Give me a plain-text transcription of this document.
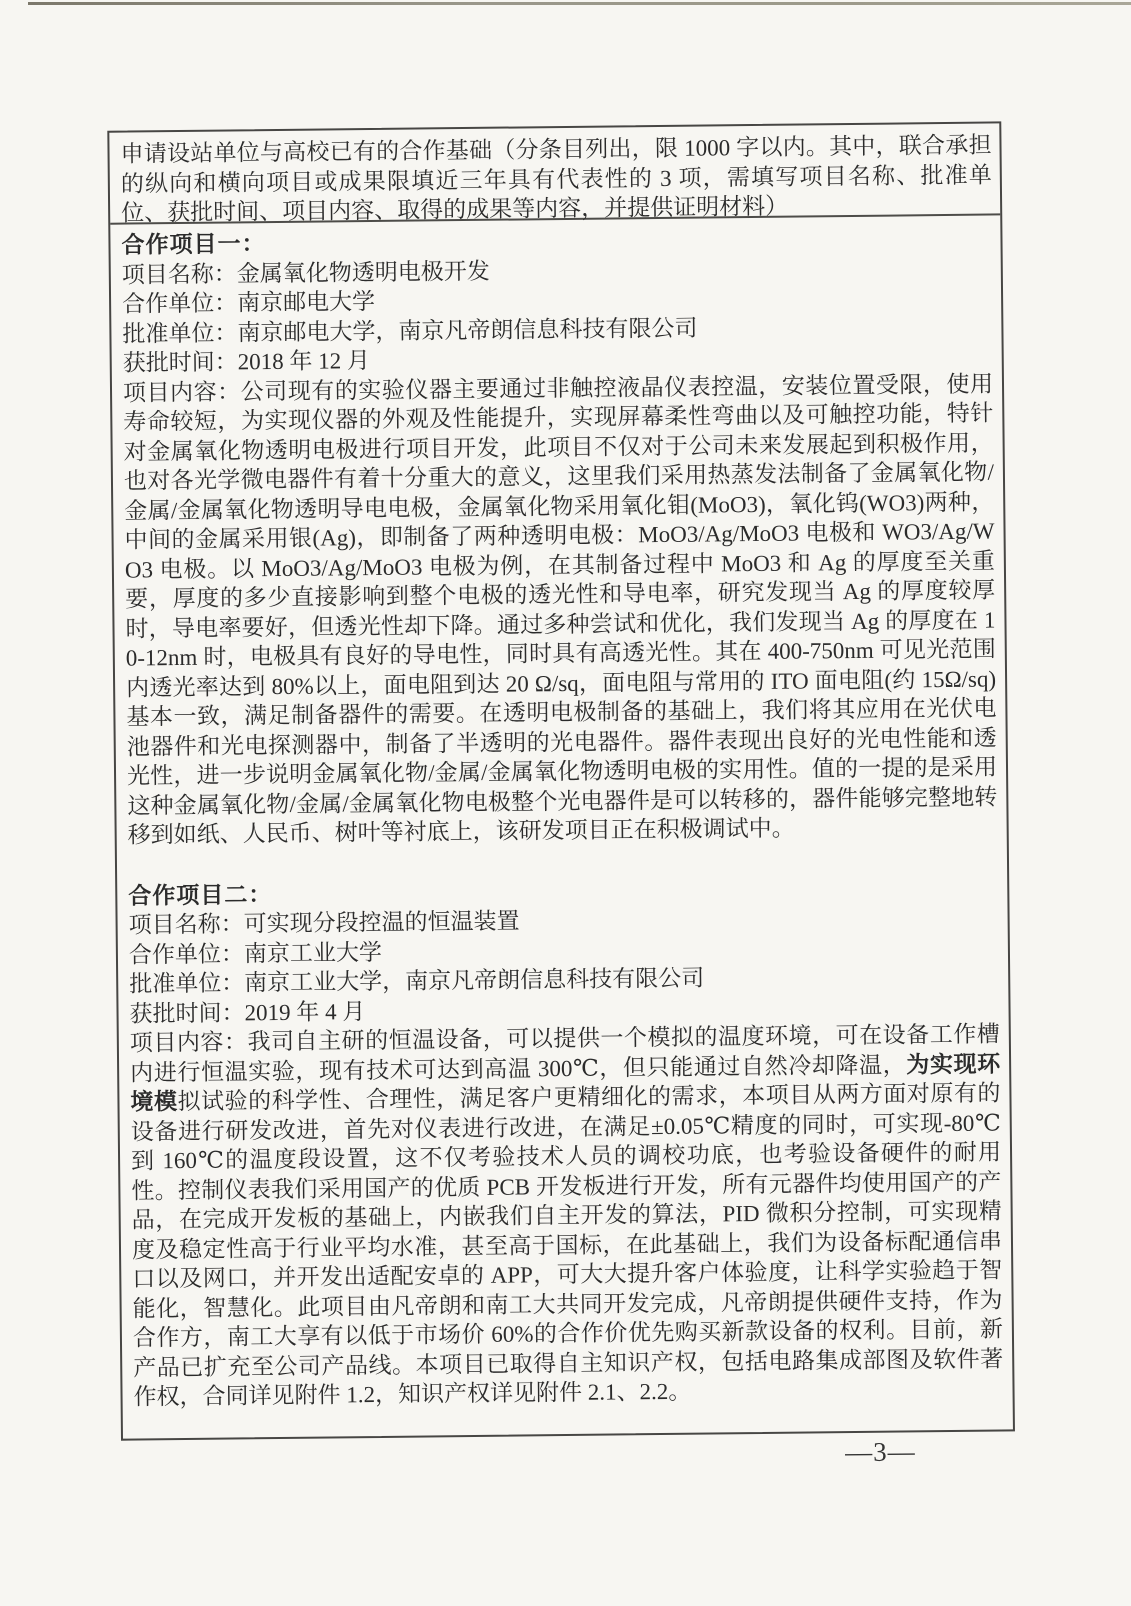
申请设站单位与高校已有的合作基础（分条目列出，限 1000 字以内。其中，联合承担的纵向和横向项目或成果限填近三年具有代表性的 3 项，需填写项目名称、批准单位、获批时间、项目内容、取得的成果等内容，并提供证明材料）

合作项目一：
项目名称：金属氧化物透明电极开发
合作单位：南京邮电大学
批准单位：南京邮电大学，南京凡帝朗信息科技有限公司
获批时间：2018 年 12 月

项目内容：公司现有的实验仪器主要通过非触控液晶仪表控温，安装位置受限，使用寿命较短，为实现仪器的外观及性能提升，实现屏幕柔性弯曲以及可触控功能，特针对金属氧化物透明电极进行项目开发，此项目不仅对于公司未来发展起到积极作用，也对各光学微电器件有着十分重大的意义，这里我们采用热蒸发法制备了金属氧化物/金属/金属氧化物透明导电电极，金属氧化物采用氧化钼(MoO3)，氧化钨(WO3)两种，中间的金属采用银(Ag)，即制备了两种透明电极：MoO3/Ag/MoO3 电极和 WO3/Ag/WO3 电极。以 MoO3/Ag/MoO3 电极为例，在其制备过程中 MoO3 和 Ag 的厚度至关重要，厚度的多少直接影响到整个电极的透光性和导电率，研究发现当 Ag 的厚度较厚时，导电率要好，但透光性却下降。通过多种尝试和优化，我们发现当 Ag 的厚度在 10-12nm 时，电极具有良好的导电性，同时具有高透光性。其在 400-750nm 可见光范围内透光率达到 80%以上，面电阻到达 20 Ω/sq，面电阻与常用的 ITO 面电阻(约 15Ω/sq)基本一致，满足制备器件的需要。在透明电极制备的基础上，我们将其应用在光伏电池器件和光电探测器中，制备了半透明的光电器件。器件表现出良好的光电性能和透光性，进一步说明金属氧化物/金属/金属氧化物透明电极的实用性。值的一提的是采用这种金属氧化物/金属/金属氧化物电极整个光电器件是可以转移的，器件能够完整地转移到如纸、人民币、树叶等衬底上，该研发项目正在积极调试中。

合作项目二：
项目名称：可实现分段控温的恒温装置
合作单位：南京工业大学
批准单位：南京工业大学，南京凡帝朗信息科技有限公司
获批时间：2019 年 4 月

项目内容：我司自主研的恒温设备，可以提供一个模拟的温度环境，可在设备工作槽内进行恒温实验，现有技术可达到高温 300℃，但只能通过自然冷却降温，为实现环境模拟试验的科学性、合理性，满足客户更精细化的需求，本项目从两方面对原有的设备进行研发改进，首先对仪表进行改进，在满足±0.05℃精度的同时，可实现-80℃到 160℃的温度段设置，这不仅考验技术人员的调校功底，也考验设备硬件的耐用性。控制仪表我们采用国产的优质 PCB 开发板进行开发，所有元器件均使用国产的产品，在完成开发板的基础上，内嵌我们自主开发的算法，PID 微积分控制，可实现精度及稳定性高于行业平均水准，甚至高于国标，在此基础上，我们为设备标配通信串口以及网口，并开发出适配安卓的 APP，可大大提升客户体验度，让科学实验趋于智能化，智慧化。此项目由凡帝朗和南工大共同开发完成，凡帝朗提供硬件支持，作为合作方，南工大享有以低于市场价 60%的合作价优先购买新款设备的权利。目前，新产品已扩充至公司产品线。本项目已取得自主知识产权，包括电路集成部图及软件著作权，合同详见附件 1.2，知识产权详见附件 2.1、2.2。

—3—
